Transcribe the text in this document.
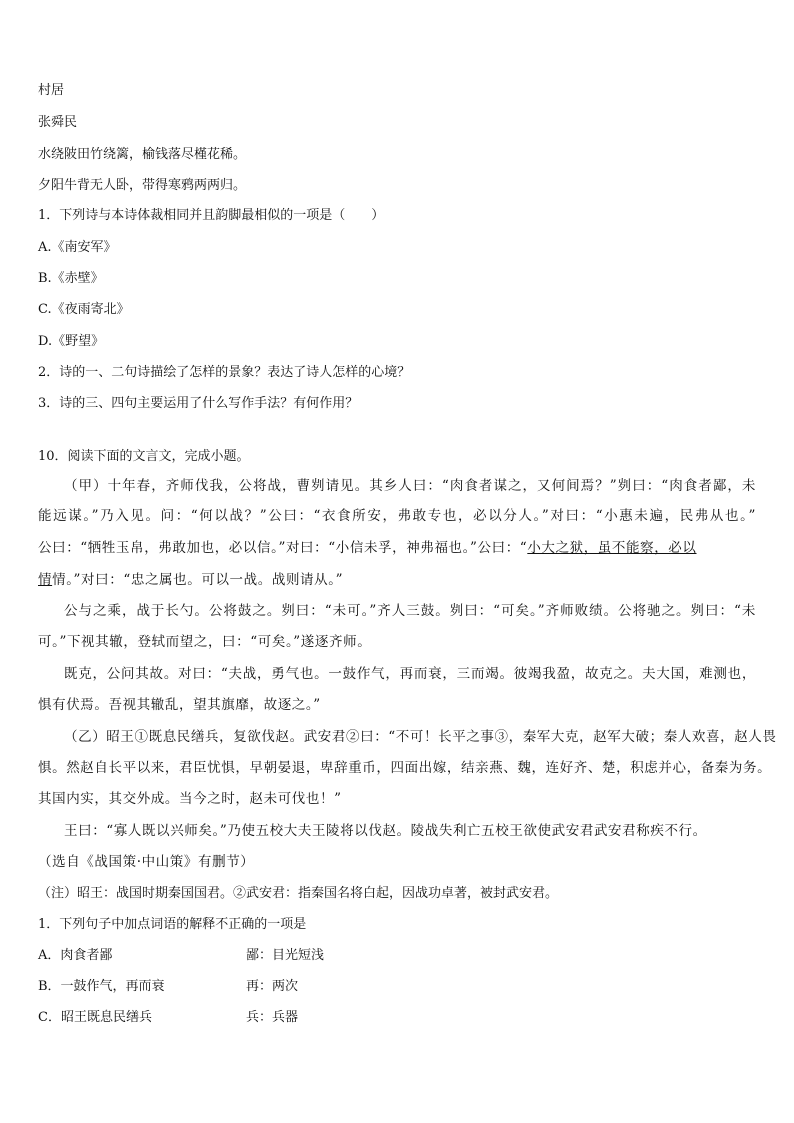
村居
张舜民
水绕陂田竹绕篱，榆钱落尽槿花稀。
夕阳牛背无人卧，带得寒鸦两两归。
1．下列诗与本诗体裁相同并且韵脚最相似的一项是（　　）
A.《南安军》
B.《赤壁》
C.《夜雨寄北》
D.《野望》
2．诗的一、二句诗描绘了怎样的景象？表达了诗人怎样的心境？
3．诗的三、四句主要运用了什么写作手法？有何作用？
10．阅读下面的文言文，完成小题。
（甲）十年春，齐师伐我，公将战，曹刿请见。其乡人曰：“肉食者谋之，又何间焉？”刿曰：“肉食者鄙，未
能远谋。”乃入见。问：“何以战？”公曰：“衣食所安，弗敢专也，必以分人。”对曰：“小惠未遍，民弗从也。”
公曰：“牺牲玉帛，弗敢加也，必以信。”对曰：“小信未孚，神弗福也。”公曰：“小大之狱，虽不能察，必以
情情。”对曰：“忠之属也。可以一战。战则请从。”
公与之乘，战于长勺。公将鼓之。刿曰：“未可。”齐人三鼓。刿曰：“可矣。”齐师败绩。公将驰之。刿曰：“未
可。”下视其辙，登轼而望之，曰：“可矣。”遂逐齐师。
既克，公问其故。对曰：“夫战，勇气也。一鼓作气，再而衰，三而竭。彼竭我盈，故克之。夫大国，难测也，
惧有伏焉。吾视其辙乱，望其旗靡，故逐之。”
（乙）昭王①既息民缮兵，复欲伐赵。武安君②曰：“不可！长平之事③，秦军大克，赵军大破；秦人欢喜，赵人畏
惧。然赵自长平以来，君臣忧惧，早朝晏退，卑辞重币，四面出嫁，结亲燕、魏，连好齐、楚，积虑并心，备秦为务。
其国内实，其交外成。当今之时，赵未可伐也！”
王曰：“寡人既以兴师矣。”乃使五校大夫王陵将以伐赵。陵战失利亡五校王欲使武安君武安君称疾不行。
（选自《战国策·中山策》有删节）
（注）昭王：战国时期秦国国君。②武安君：指秦国名将白起，因战功卓著，被封武安君。
1．下列句子中加点词语的解释不正确的一项是
A．肉食者鄙	鄙：目光短浅
B．一鼓作气，再而衰	再：两次
C．昭王既息民缮兵	兵：兵器
